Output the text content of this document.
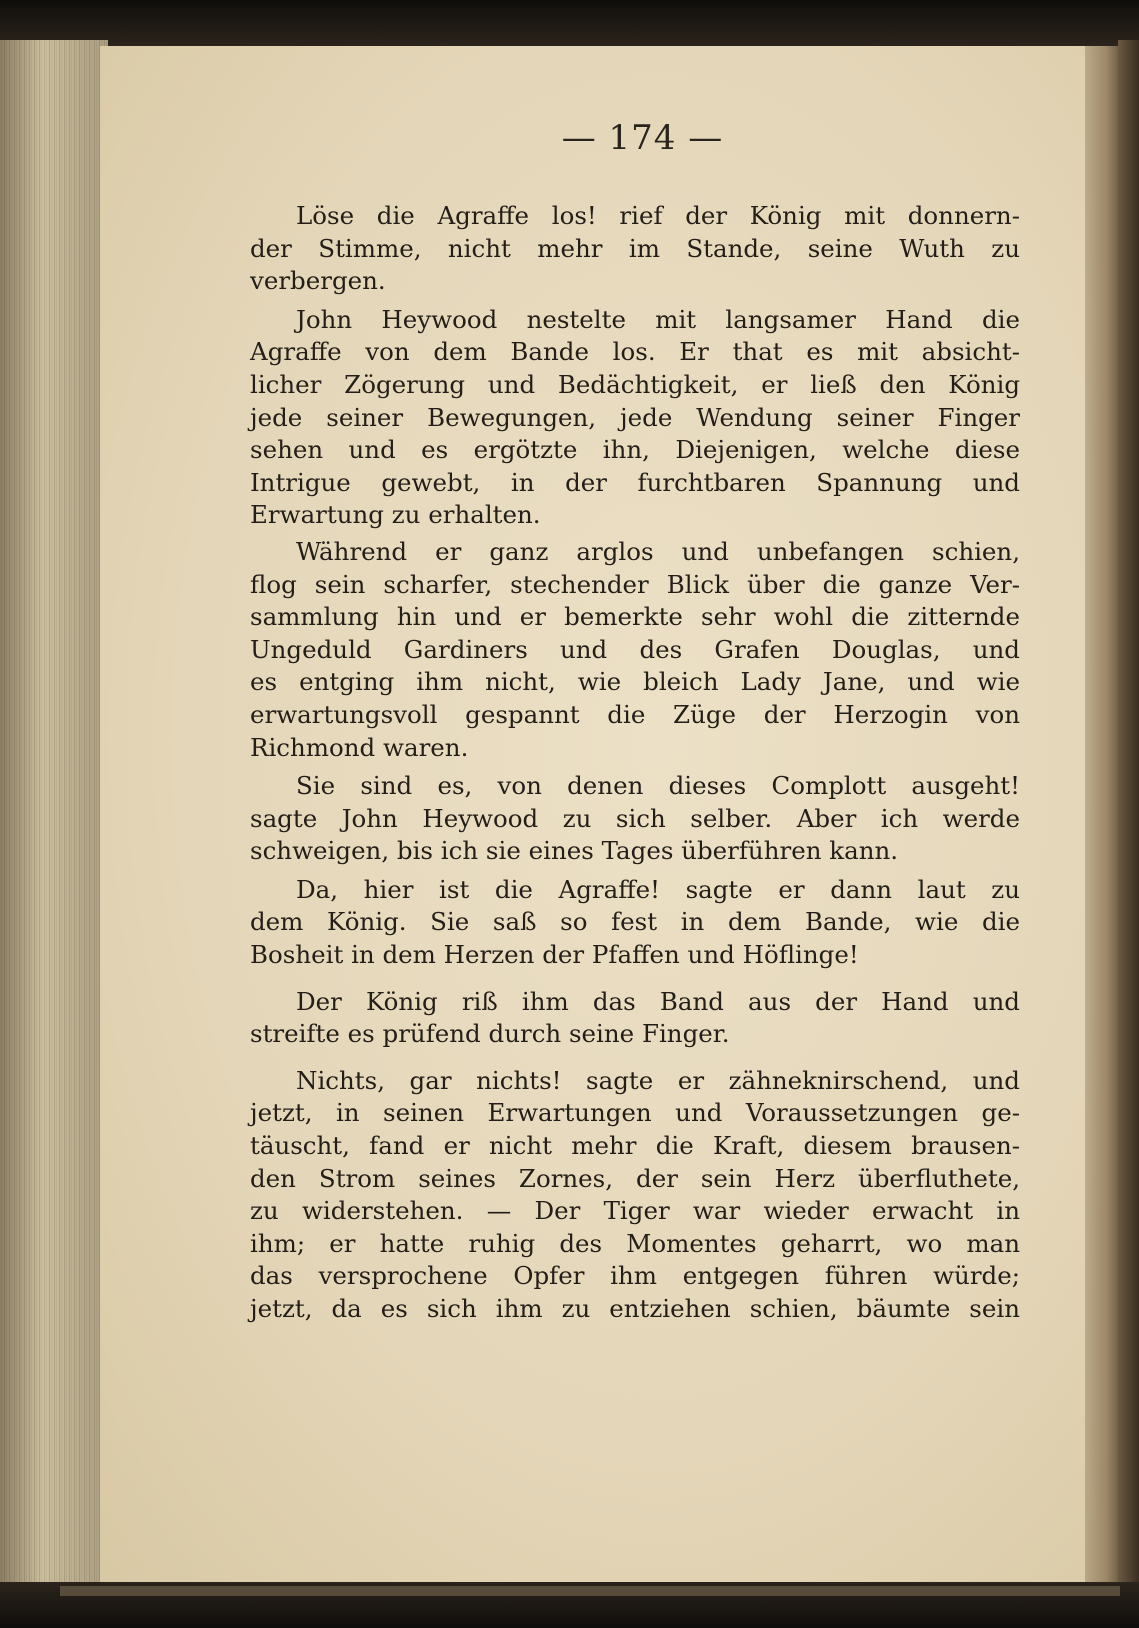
— 174 —
Löse die Agraffe los! rief der König mit donnern-
der Stimme, nicht mehr im Stande, seine Wuth zu
verbergen.
John Heywood nestelte mit langsamer Hand die
Agraffe von dem Bande los. Er that es mit absicht-
licher Zögerung und Bedächtigkeit, er ließ den König
jede seiner Bewegungen, jede Wendung seiner Finger
sehen und es ergötzte ihn, Diejenigen, welche diese
Intrigue gewebt, in der furchtbaren Spannung und
Erwartung zu erhalten.
Während er ganz arglos und unbefangen schien,
flog sein scharfer, stechender Blick über die ganze Ver-
sammlung hin und er bemerkte sehr wohl die zitternde
Ungeduld Gardiners und des Grafen Douglas, und
es entging ihm nicht, wie bleich Lady Jane, und wie
erwartungsvoll gespannt die Züge der Herzogin von
Richmond waren.
Sie sind es, von denen dieses Complott ausgeht!
sagte John Heywood zu sich selber. Aber ich werde
schweigen, bis ich sie eines Tages überführen kann.
Da, hier ist die Agraffe! sagte er dann laut zu
dem König. Sie saß so fest in dem Bande, wie die
Bosheit in dem Herzen der Pfaffen und Höflinge!
Der König riß ihm das Band aus der Hand und
streifte es prüfend durch seine Finger.
Nichts, gar nichts! sagte er zähneknirschend, und
jetzt, in seinen Erwartungen und Voraussetzungen ge-
täuscht, fand er nicht mehr die Kraft, diesem brausen-
den Strom seines Zornes, der sein Herz überfluthete,
zu widerstehen. — Der Tiger war wieder erwacht in
ihm; er hatte ruhig des Momentes geharrt, wo man
das versprochene Opfer ihm entgegen führen würde;
jetzt, da es sich ihm zu entziehen schien, bäumte sein
